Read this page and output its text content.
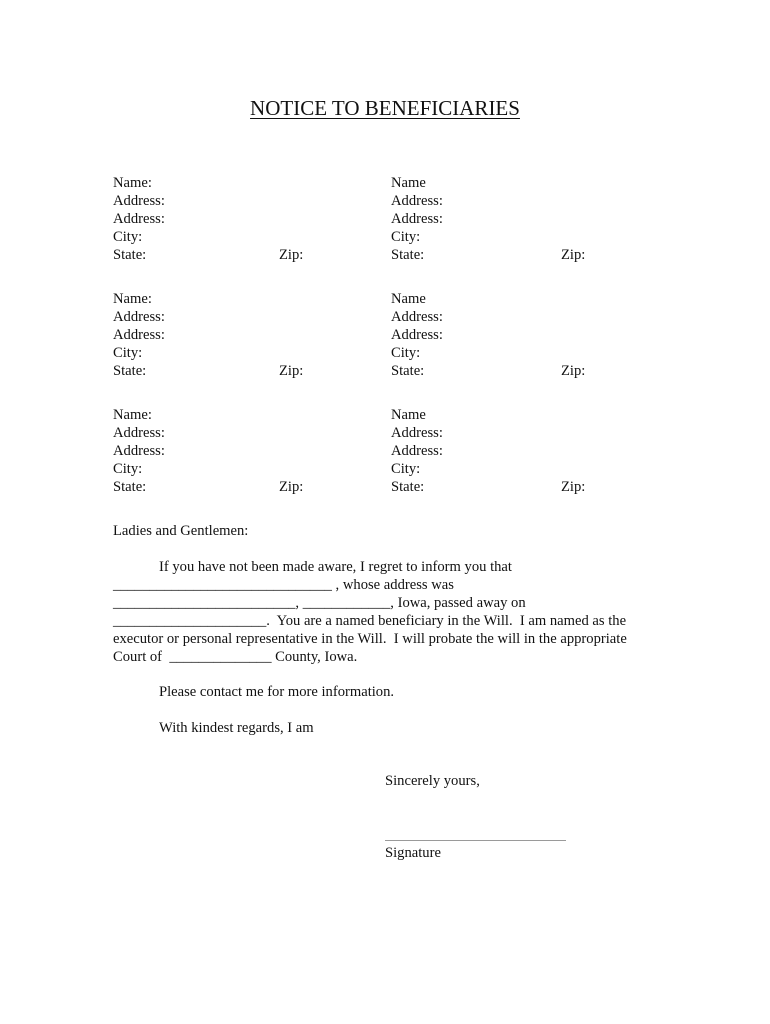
NOTICE TO BENEFICIARIES
Name:
Address:
Address:
City:
State:	Zip:
Name
Address:
Address:
City:
State:	Zip:
Name:
Address:
Address:
City:
State:	Zip:
Name
Address:
Address:
City:
State:	Zip:
Name:
Address:
Address:
City:
State:	Zip:
Name
Address:
Address:
City:
State:	Zip:
Ladies and Gentlemen:
If you have not been made aware, I regret to inform you that
______________________________ , whose address was
_________________________, ____________, Iowa, passed away on
_____________________.  You are a named beneficiary in the Will.  I am named as the
executor or personal representative in the Will.  I will probate the will in the appropriate
Court of  ______________ County, Iowa.
Please contact me for more information.
With kindest regards, I am
Sincerely yours,
Signature
